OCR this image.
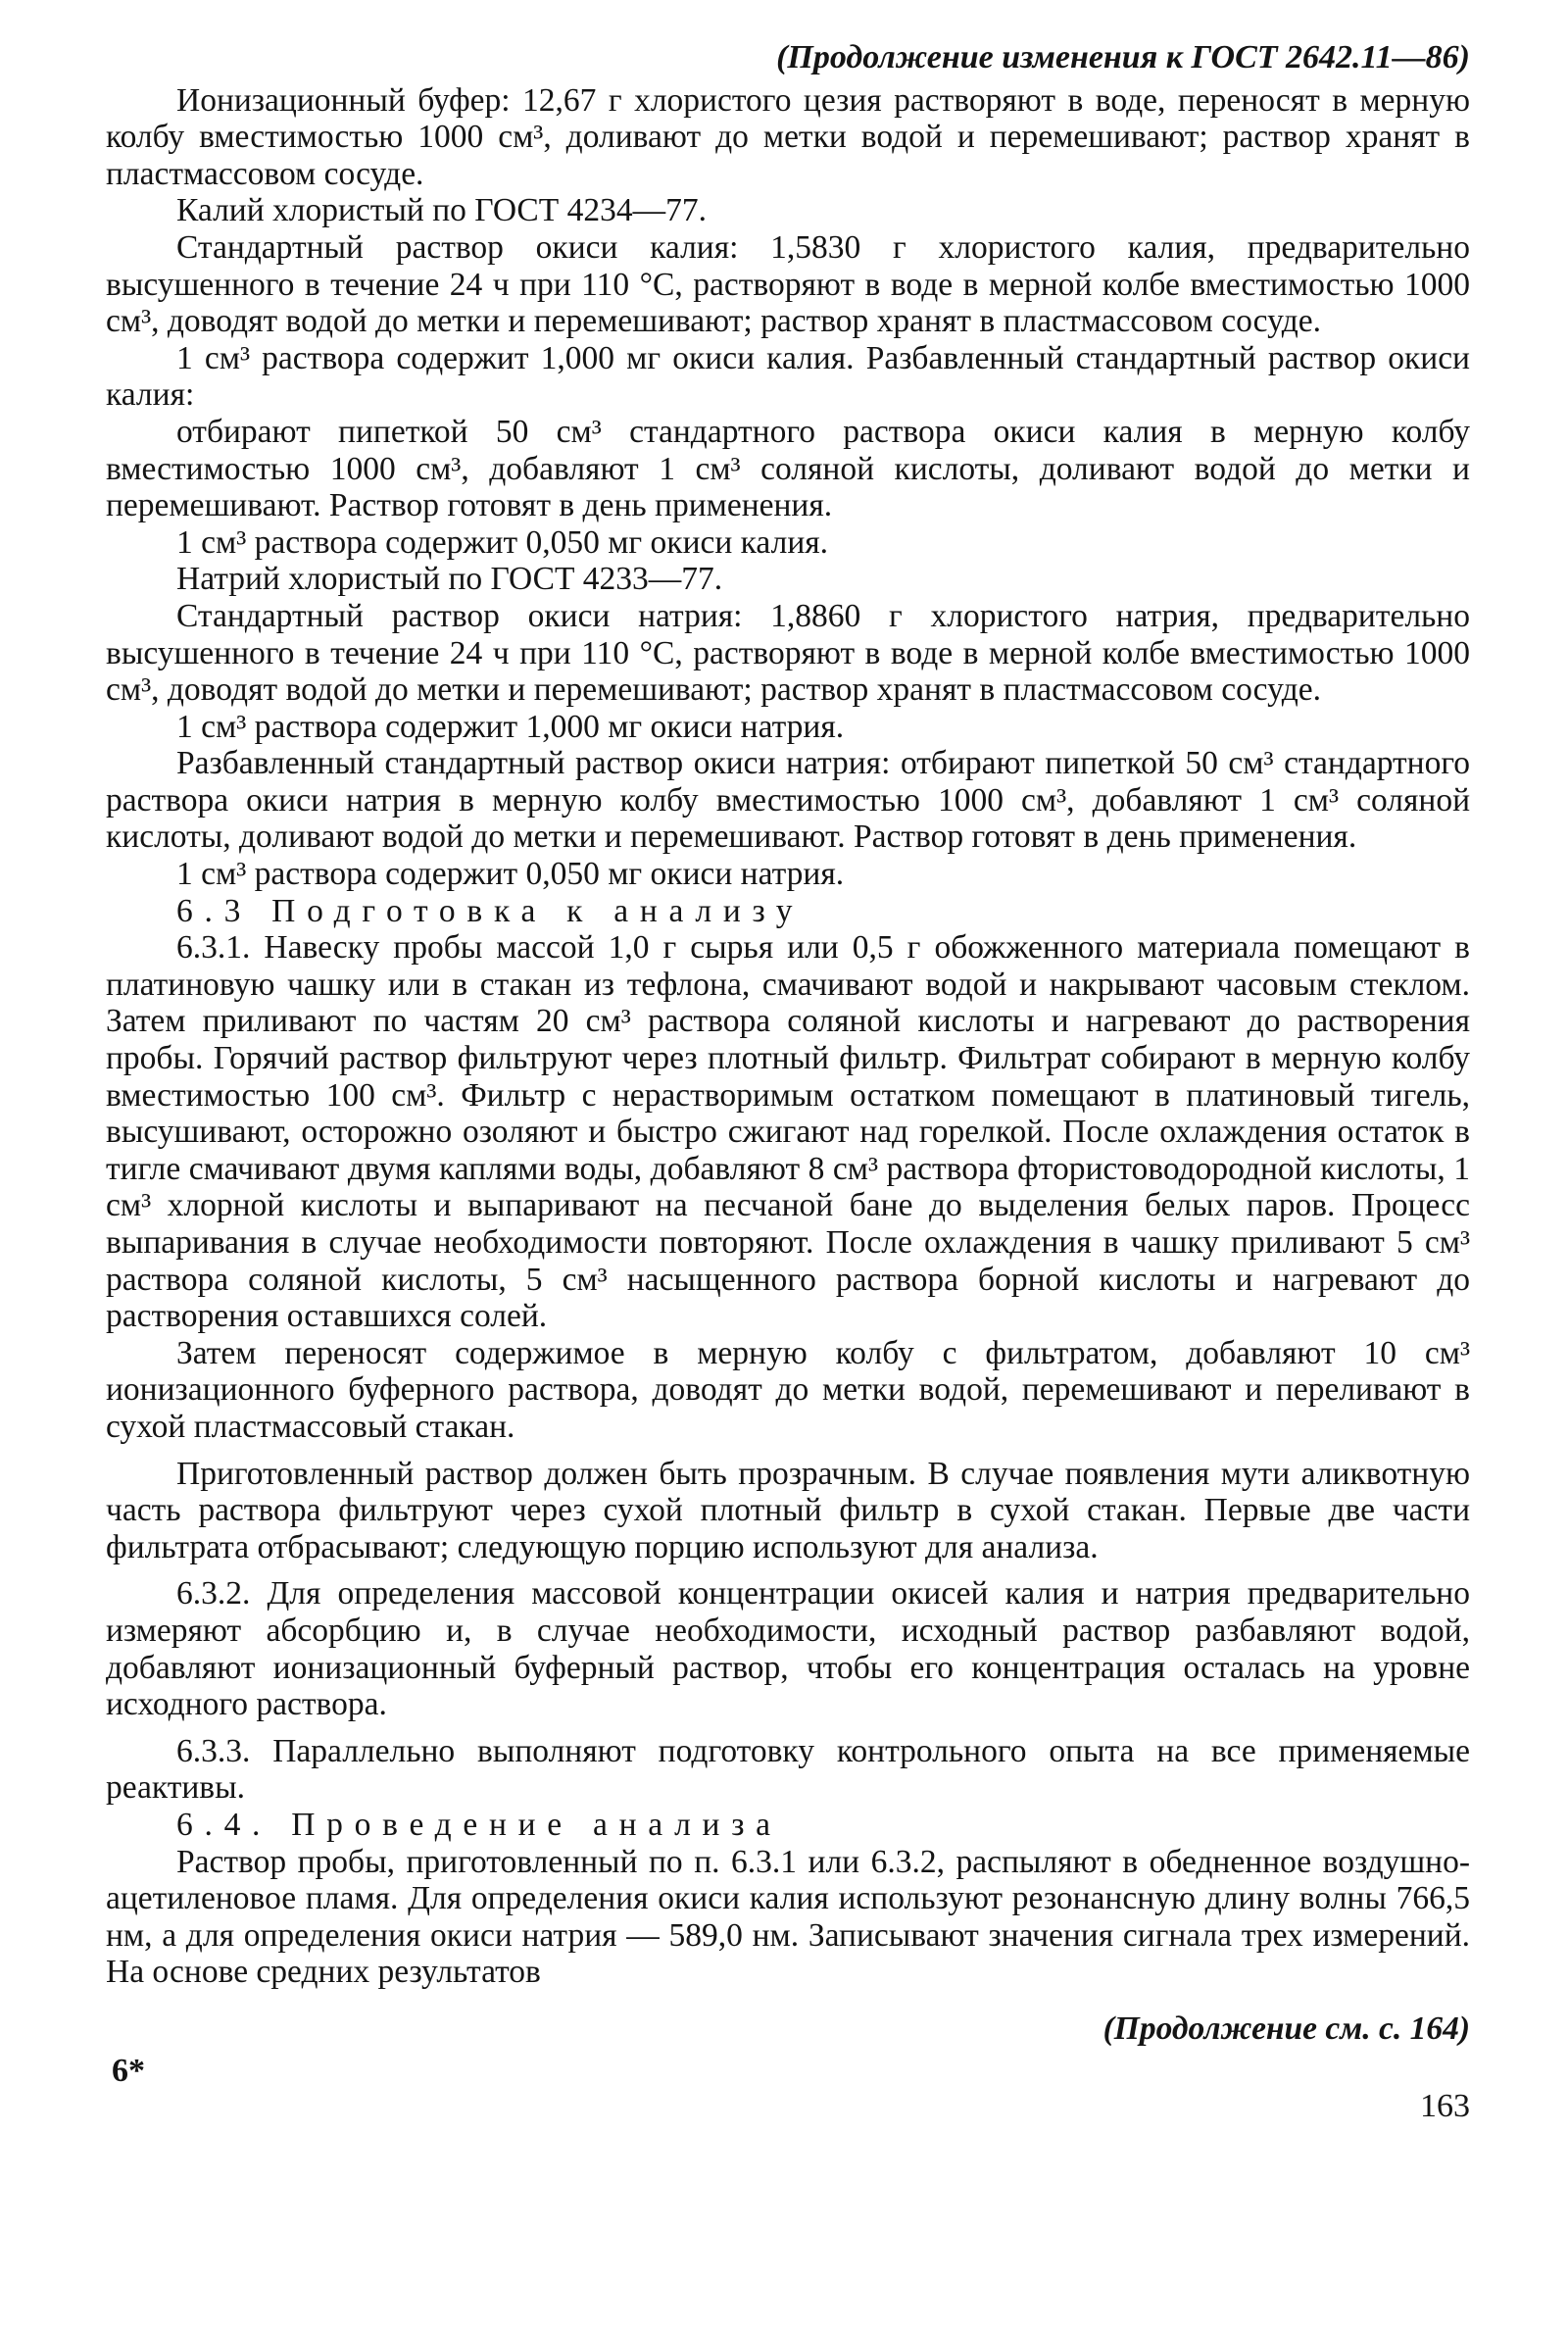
(Продолжение изменения к ГОСТ 2642.11—86)

Ионизационный буфер: 12,67 г хлористого цезия растворяют в воде, переносят в мерную колбу вместимостью 1000 см³, доливают до метки водой и перемешивают; раствор хранят в пластмассовом сосуде.

Калий хлористый по ГОСТ 4234—77.

Стандартный раствор окиси калия: 1,5830 г хлористого калия, предварительно высушенного в течение 24 ч при 110 °С, растворяют в воде в мерной колбе вместимостью 1000 см³, доводят водой до метки и перемешивают; раствор хранят в пластмассовом сосуде.

1 см³ раствора содержит 1,000 мг окиси калия. Разбавленный стандартный раствор окиси калия:

отбирают пипеткой 50 см³ стандартного раствора окиси калия в мерную колбу вместимостью 1000 см³, добавляют 1 см³ соляной кислоты, доливают водой до метки и перемешивают. Раствор готовят в день применения.

1 см³ раствора содержит 0,050 мг окиси калия.

Натрий хлористый по ГОСТ 4233—77.

Стандартный раствор окиси натрия: 1,8860 г хлористого натрия, предварительно высушенного в течение 24 ч при 110 °С, растворяют в воде в мерной колбе вместимостью 1000 см³, доводят водой до метки и перемешивают; раствор хранят в пластмассовом сосуде.

1 см³ раствора содержит 1,000 мг окиси натрия.

Разбавленный стандартный раствор окиси натрия: отбирают пипеткой 50 см³ стандартного раствора окиси натрия в мерную колбу вместимостью 1000 см³, добавляют 1 см³ соляной кислоты, доливают водой до метки и перемешивают. Раствор готовят в день применения.

1 см³ раствора содержит 0,050 мг окиси натрия.

6.3 Подготовка к анализу

6.3.1. Навеску пробы массой 1,0 г сырья или 0,5 г обожженного материала помещают в платиновую чашку или в стакан из тефлона, смачивают водой и накрывают часовым стеклом. Затем приливают по частям 20 см³ раствора соляной кислоты и нагревают до растворения пробы. Горячий раствор фильтруют через плотный фильтр. Фильтрат собирают в мерную колбу вместимостью 100 см³. Фильтр с нерастворимым остатком помещают в платиновый тигель, высушивают, осторожно озоляют и быстро сжигают над горелкой. После охлаждения остаток в тигле смачивают двумя каплями воды, добавляют 8 см³ раствора фтористоводородной кислоты, 1 см³ хлорной кислоты и выпаривают на песчаной бане до выделения белых паров. Процесс выпаривания в случае необходимости повторяют. После охлаждения в чашку приливают 5 см³ раствора соляной кислоты, 5 см³ насыщенного раствора борной кислоты и нагревают до растворения оставшихся солей.

Затем переносят содержимое в мерную колбу с фильтратом, добавляют 10 см³ ионизационного буферного раствора, доводят до метки водой, перемешивают и переливают в сухой пластмассовый стакан.

Приготовленный раствор должен быть прозрачным. В случае появления мути аликвотную часть раствора фильтруют через сухой плотный фильтр в сухой стакан. Первые две части фильтрата отбрасывают; следующую порцию используют для анализа.

6.3.2. Для определения массовой концентрации окисей калия и натрия предварительно измеряют абсорбцию и, в случае необходимости, исходный раствор разбавляют водой, добавляют ионизационный буферный раствор, чтобы его концентрация осталась на уровне исходного раствора.

6.3.3. Параллельно выполняют подготовку контрольного опыта на все применяемые реактивы.

6.4. Проведение анализа

Раствор пробы, приготовленный по п. 6.3.1 или 6.3.2, распыляют в обедненное воздушно-ацетиленовое пламя. Для определения окиси калия используют резонансную длину волны 766,5 нм, а для определения окиси натрия — 589,0 нм. Записывают значения сигнала трех измерений. На основе средних результатов

(Продолжение см. с. 164)
6*
163
